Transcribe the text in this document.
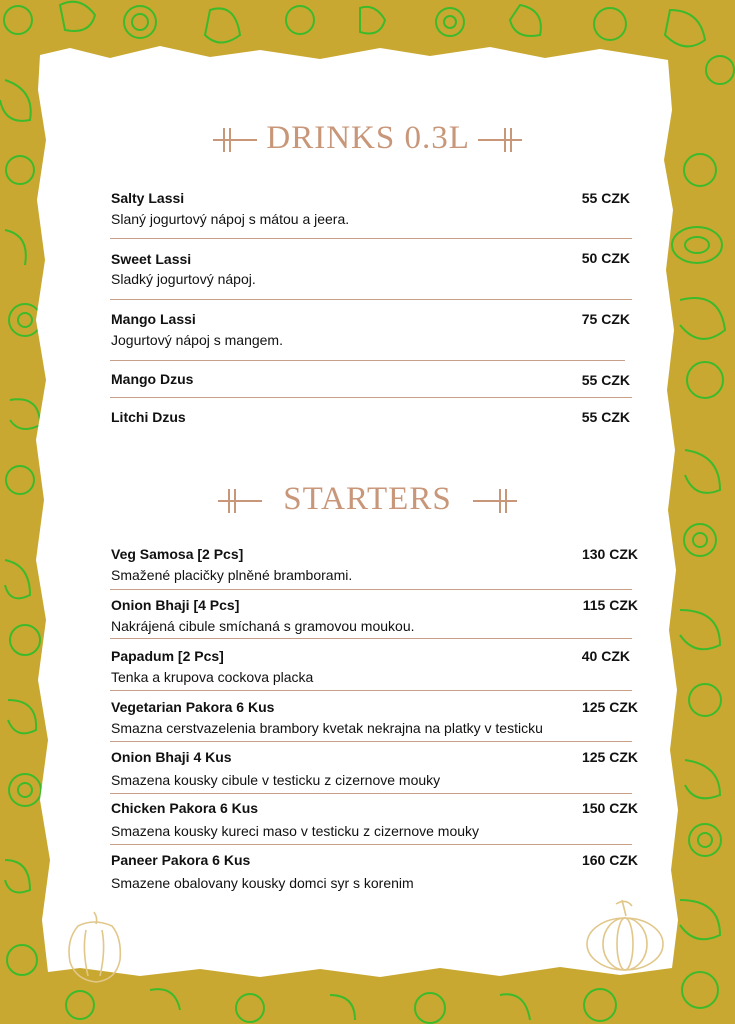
DRINKS 0.3L
Salty Lassi
Slaný jogurtový nápoj s mátou a jeera.
55 CZK
Sweet Lassi
Sladký jogurtový nápoj.
50 CZK
Mango Lassi
Jogurtový nápoj s mangem.
75 CZK
Mango Dzus	55 CZK
Litchi Dzus	55 CZK
STARTERS
Veg Samosa [2 Pcs]
Smažené placičky plněné bramborami.
130 CZK
Onion Bhaji [4 Pcs]
Nakrájená cibule smíchaná s gramovou moukou.
115 CZK
Papadum [2 Pcs]
Tenka a krupova cockova placka
40 CZK
Vegetarian Pakora 6 Kus
Smazna cerstvazelenia brambory kvetak nekrajna na platky v testicku
125 CZK
Onion Bhaji 4 Kus
Smazena kousky cibule v testicku z cizernove mouky
125 CZK
Chicken Pakora 6 Kus
Smazena kousky kureci maso v testicku z cizernove mouky
150 CZK
Paneer Pakora 6 Kus
Smazene obalovany kousky domci syr s korenim
160 CZK
